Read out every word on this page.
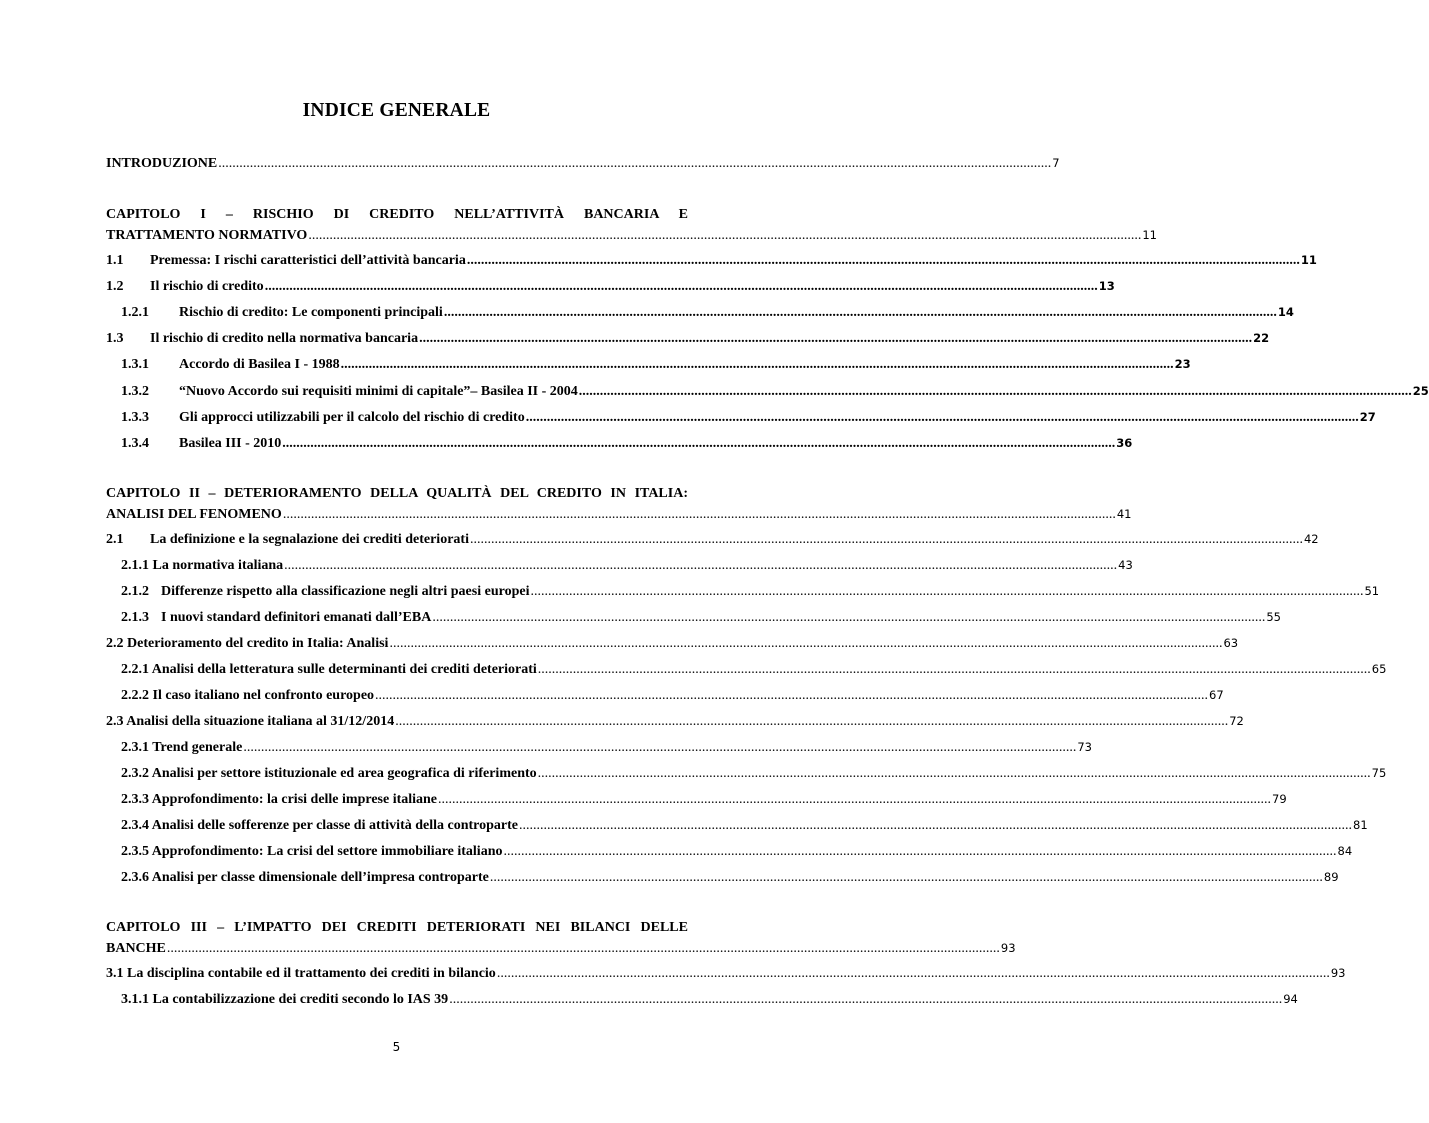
INDICE GENERALE
INTRODUZIONE .....	7
CAPITOLO I – RISCHIO DI CREDITO NELL’ATTIVITÀ BANCARIA E
TRATTAMENTO NORMATIVO .....	11
1.1	Premessa: I rischi caratteristici dell’attività bancaria .....	11
1.2	Il rischio di credito .....	13
1.2.1	Rischio di credito: Le componenti principali .....	14
1.3	Il rischio di credito nella normativa bancaria .....	22
1.3.1	Accordo di Basilea I - 1988 .....	23
1.3.2	“Nuovo Accordo sui requisiti minimi di capitale”– Basilea II - 2004 .....	25
1.3.3	Gli approcci utilizzabili per il calcolo del rischio di credito .....	27
1.3.4	Basilea III - 2010 .....	36
CAPITOLO II – DETERIORAMENTO DELLA QUALITÀ DEL CREDITO IN ITALIA:
ANALISI DEL FENOMENO .....	41
2.1	La definizione e la segnalazione dei crediti deteriorati .....	42
2.1.1 La normativa italiana .....	43
2.1.2 Differenze rispetto alla classificazione negli altri paesi europei .....	51
2.1.3 I nuovi standard definitori emanati dall’EBA .....	55
2.2 Deterioramento del credito in Italia: Analisi .....	63
2.2.1 Analisi della letteratura sulle determinanti dei crediti deteriorati .....	65
2.2.2 Il caso italiano nel confronto europeo .....	67
2.3 Analisi della situazione italiana al 31/12/2014 .....	72
2.3.1 Trend generale .....	73
2.3.2 Analisi per settore istituzionale ed area geografica di riferimento .....	75
2.3.3 Approfondimento: la crisi delle imprese italiane .....	79
2.3.4 Analisi delle sofferenze per classe di attività della controparte .....	81
2.3.5 Approfondimento: La crisi del settore immobiliare italiano .....	84
2.3.6 Analisi per classe dimensionale dell’impresa controparte .....	89
CAPITOLO III – L’IMPATTO DEI CREDITI DETERIORATI NEI BILANCI DELLE
BANCHE .....	93
3.1 La disciplina contabile ed il trattamento dei crediti in bilancio .....	93
3.1.1 La contabilizzazione dei crediti secondo lo IAS 39 .....	94
5
